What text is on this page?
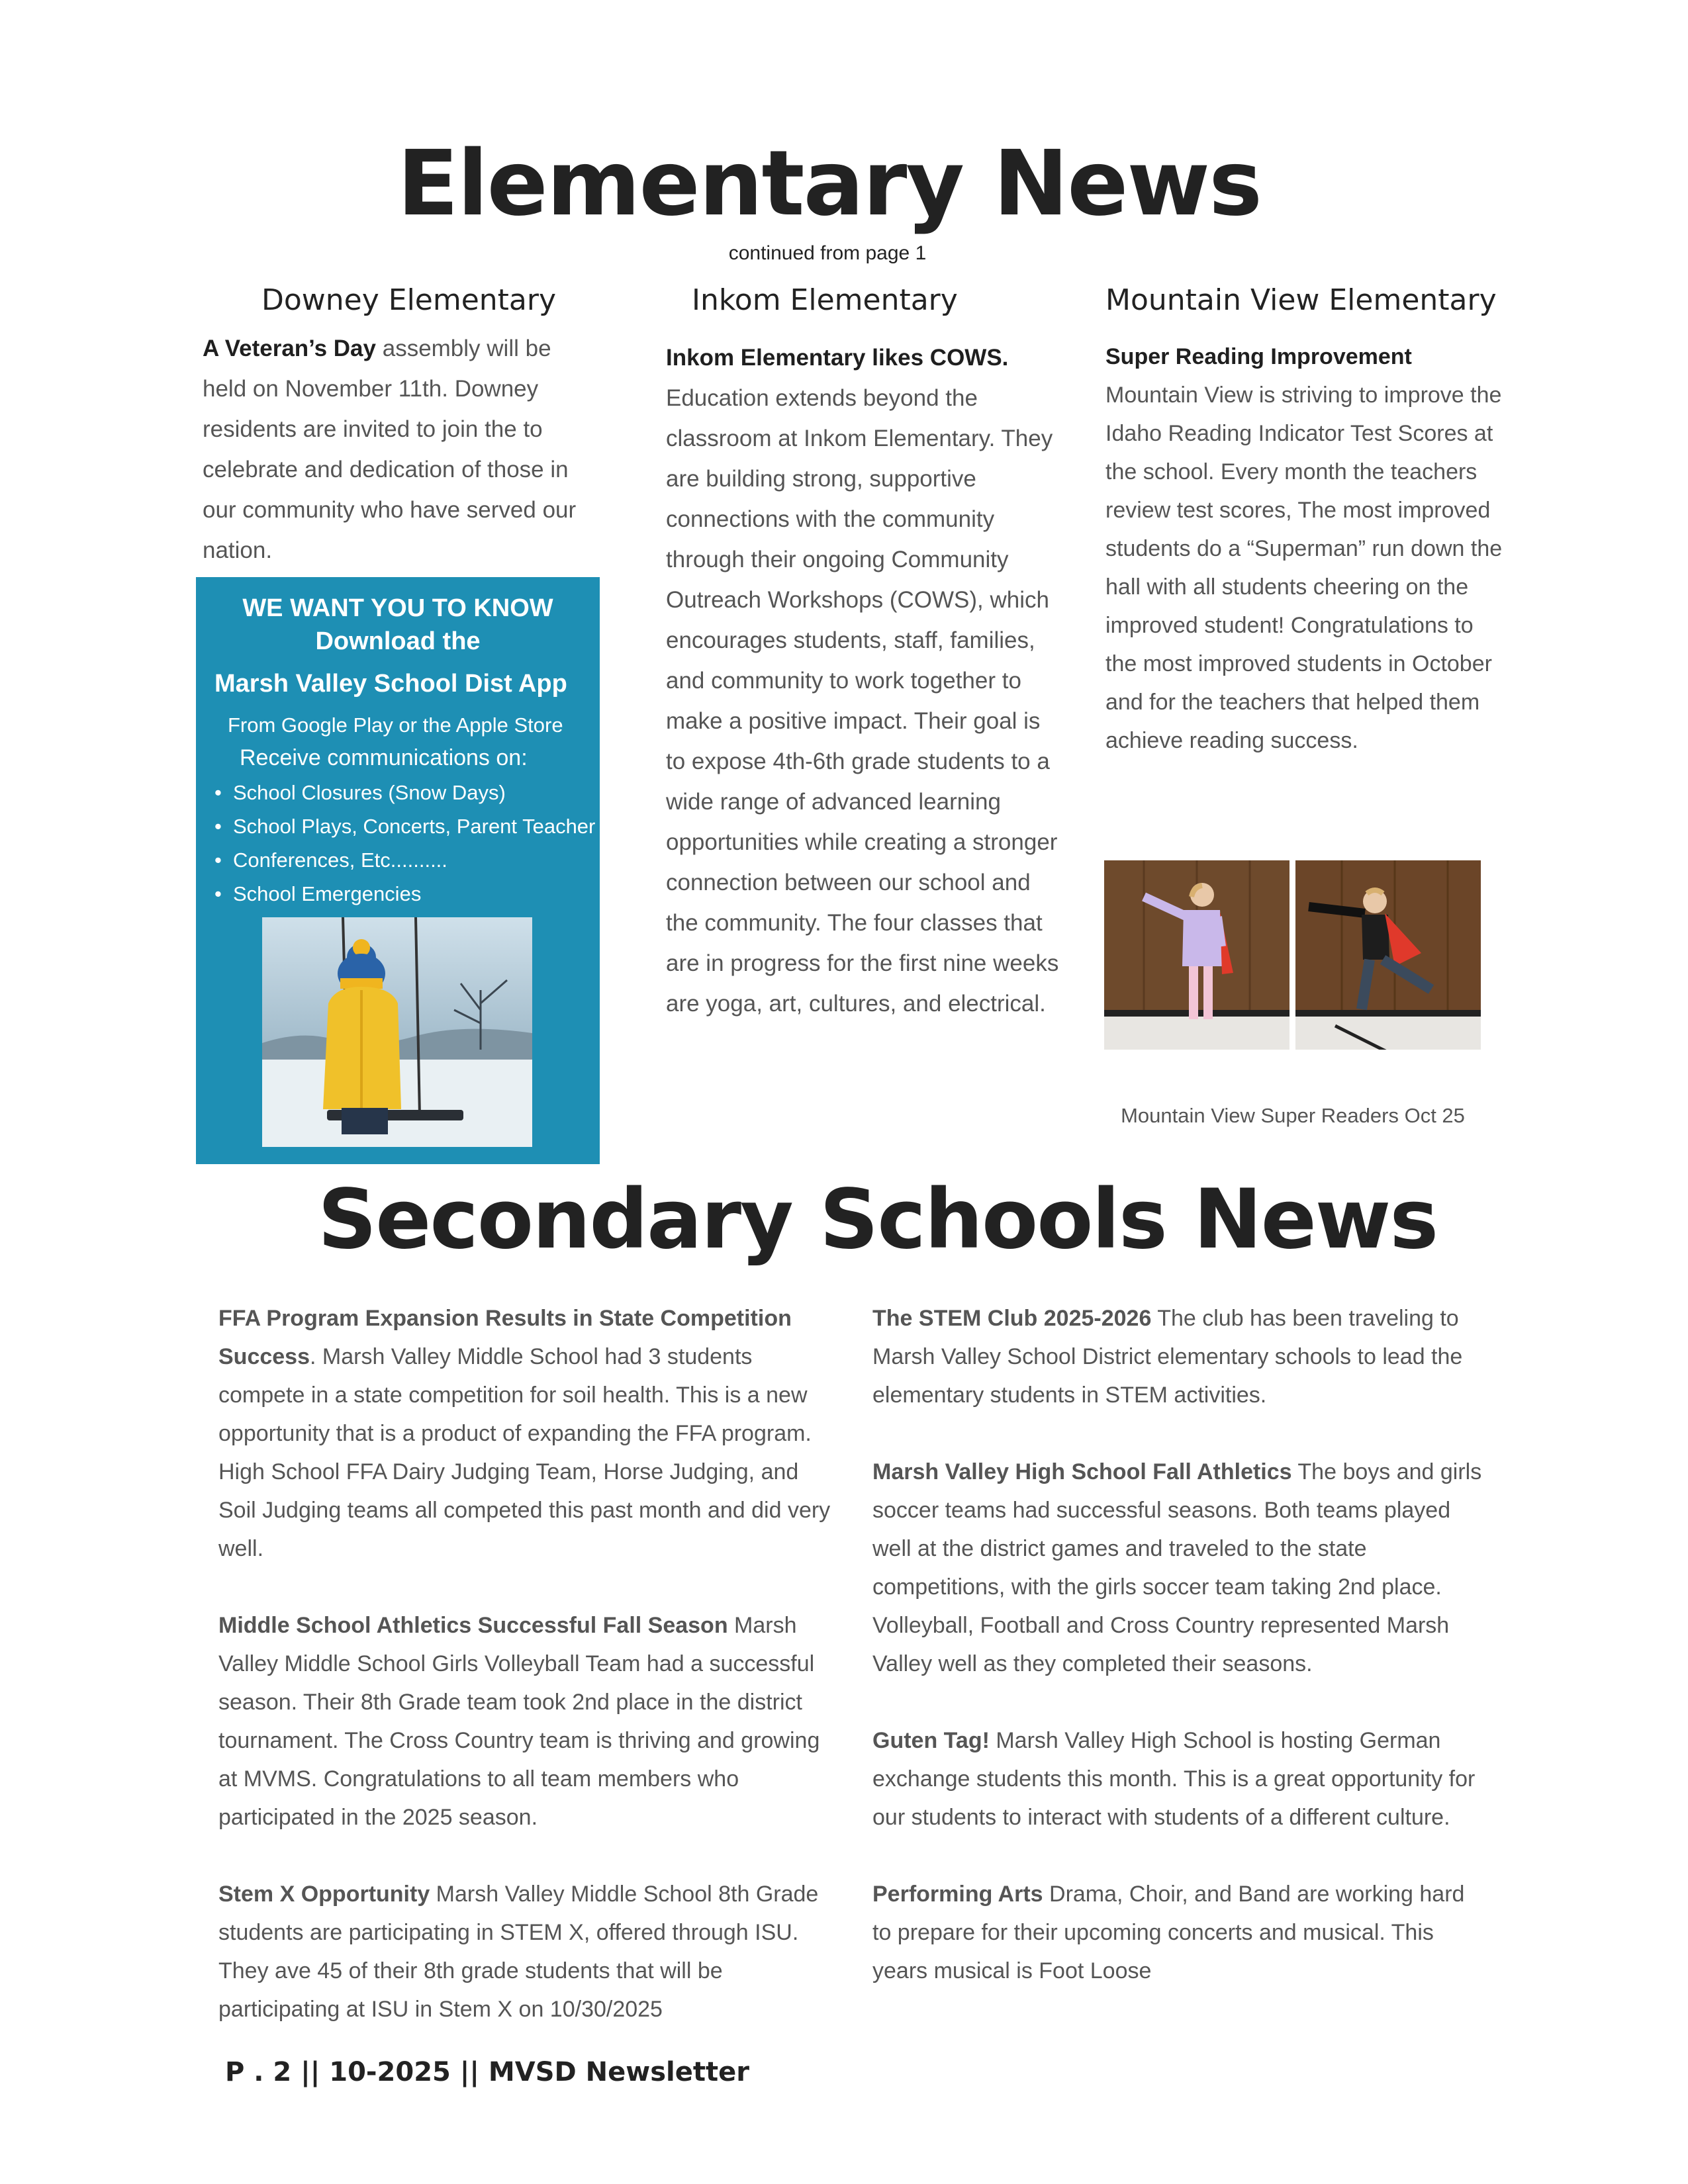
Elementary News
continued from page 1
Downey Elementary
A Veteran’s Day assembly will be held on November 11th. Downey residents are invited to join the to celebrate and dedication of those in our community who have served our nation.
WE WANT YOU TO KNOW
Download the
Marsh Valley School Dist App
From Google Play or the Apple Store
Receive communications on:
• School Closures (Snow Days)
• School Plays, Concerts, Parent Teacher
• Conferences, Etc..........
• School Emergencies
Inkom Elementary
Inkom Elementary likes COWS.
Education extends beyond the classroom at Inkom Elementary. They are building strong, supportive connections with the community through their ongoing Community Outreach Workshops (COWS), which encourages students, staff, families, and community to work together to make a positive impact. Their goal is to expose 4th-6th grade students to a wide range of advanced learning opportunities while creating a stronger connection between our school and the community. The four classes that are in progress for the first nine weeks are yoga, art, cultures, and electrical.
Mountain View Elementary
Super Reading Improvement
Mountain View is striving to improve the Idaho Reading Indicator Test Scores at the school. Every month the teachers review test scores, The most improved students do a “Superman” run down the hall with all students cheering on the improved student! Congratulations to the most improved students in October and for the teachers that helped them achieve reading success.
Mountain View Super Readers Oct 25
Secondary Schools News

FFA Program Expansion Results in State Competition Success. Marsh Valley Middle School had 3 students compete in a state competition for soil health. This is a new opportunity that is a product of expanding the FFA program. High School FFA Dairy Judging Team, Horse Judging, and Soil Judging teams all competed this past month and did very well.

Middle School Athletics Successful Fall Season Marsh Valley Middle School Girls Volleyball Team had a successful season. Their 8th Grade team took 2nd place in the district tournament. The Cross Country team is thriving and growing at MVMS. Congratulations to all team members who participated in the 2025 season.

Stem X Opportunity Marsh Valley Middle School 8th Grade students are participating in STEM X, offered through ISU. They ave 45 of their 8th grade students that will be participating at ISU in Stem X on 10/30/2025

The STEM Club 2025-2026 The club has been traveling to Marsh Valley School District elementary schools to lead the elementary students in STEM activities.

Marsh Valley High School Fall Athletics The boys and girls soccer teams had successful seasons. Both teams played well at the district games and traveled to the state competitions, with the girls soccer team taking 2nd place. Volleyball, Football and Cross Country represented Marsh Valley well as they completed their seasons.

Guten Tag! Marsh Valley High School is hosting German exchange students this month. This is a great opportunity for our students to interact with students of a different culture.

Performing Arts Drama, Choir, and Band are working hard to prepare for their upcoming concerts and musical. This years musical is Foot Loose

P . 2 || 10-2025 || MVSD Newsletter
